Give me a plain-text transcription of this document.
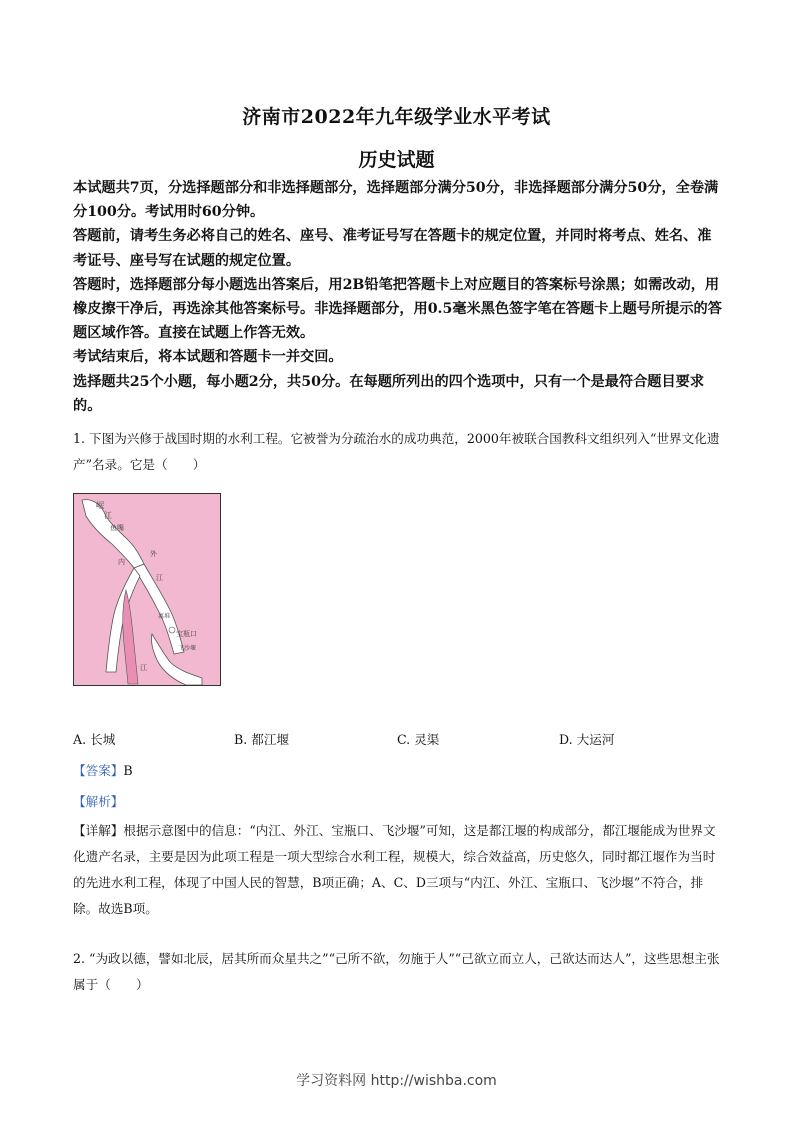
济南市2022年九年级学业水平考试
历史试题

本试题共7页，分选择题部分和非选择题部分，选择题部分满分50分，非选择题部分满分50分，全卷满分100分。考试用时60分钟。

答题前，请考生务必将自己的姓名、座号、准考证号写在答题卡的规定位置，并同时将考点、姓名、准考证号、座号写在试题的规定位置。

答题时，选择题部分每小题选出答案后，用2B铅笔把答题卡上对应题目的答案标号涂黑；如需改动，用橡皮擦干净后，再选涂其他答案标号。非选择题部分，用0.5毫米黑色签字笔在答题卡上题号所提示的答题区域作答。直接在试题上作答无效。

考试结束后，将本试题和答题卡一并交回。

选择题共25个小题，每小题2分，共50分。在每题所列出的四个选项中，只有一个是最符合题目要求的。

1. 下图为兴修于战国时期的水利工程。它被誉为分疏治水的成功典范，2000年被联合国教科文组织列入“世界文化遗产”名录。它是（　　）

岷
江
鱼嘴
外
江
内
江
宝瓶口
飞沙堰
离堆
A. 长城	B. 都江堰	C. 灵渠	D. 大运河
【答案】B
【解析】

【详解】根据示意图中的信息：“内江、外江、宝瓶口、飞沙堰”可知，这是都江堰的构成部分，都江堰能成为世界文化遗产名录，主要是因为此项工程是一项大型综合水利工程，规模大，综合效益高，历史悠久，同时都江堰作为当时的先进水利工程，体现了中国人民的智慧，B项正确；A、C、D三项与“内江、外江、宝瓶口、飞沙堰”不符合，排除。故选B项。

2. “为政以德，譬如北辰，居其所而众星共之”“己所不欲，勿施于人”“己欲立而立人，己欲达而达人”，这些思想主张属于（　　）

学习资料网 http://wishba.com
